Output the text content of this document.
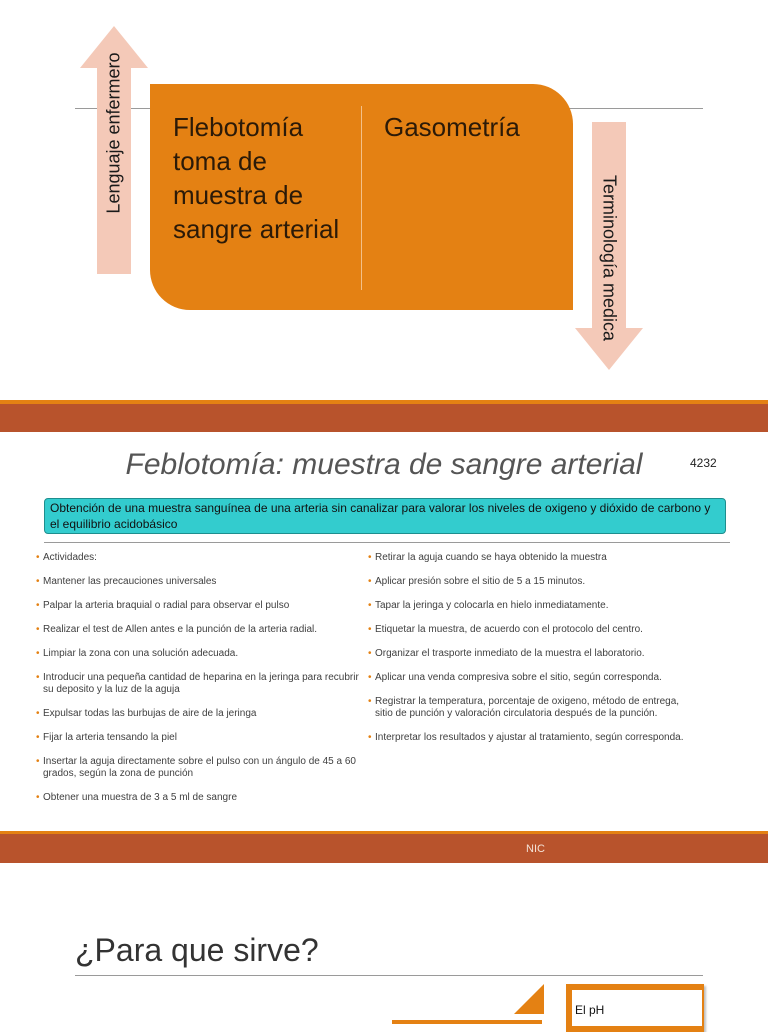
Lenguaje enfermero Flebotomía toma de muestra de sangre arterial
Gasometría
Terminología medica
Feblotomía: muestra de sangre arterial	4232
Obtención de una muestra sanguínea de una arteria sin canalizar para valorar los niveles de oxigeno y dióxido de carbono y el equilibrio acidobásico
• Actividades:
• Mantener las precauciones universales
• Palpar la arteria braquial o radial para observar el pulso
• Realizar el test de Allen antes e la punción de la arteria radial.
• Limpiar la zona con una solución adecuada.
• Introducir una pequeña cantidad de heparina en la jeringa para recubrir su deposito y la luz de la aguja
• Expulsar todas las burbujas de aire de la jeringa
• Fijar la arteria tensando la piel
• Insertar la aguja directamente sobre el pulso con un ángulo de 45 a 60 grados, según la zona de punción
• Obtener una muestra de 3 a 5 ml de sangre
• Retirar la aguja cuando se haya obtenido la muestra
• Aplicar presión sobre el sitio de 5 a 15 minutos.
• Tapar la jeringa y colocarla en hielo inmediatamente.
• Etiquetar la muestra, de acuerdo con el protocolo del centro.
• Organizar el trasporte inmediato de la muestra el laboratorio.
• Aplicar una venda compresiva sobre el sitio, según corresponda.
• Registrar la temperatura, porcentaje de oxigeno, método de entrega, sitio de punción y valoración circulatoria después de la punción.
• Interpretar los resultados y ajustar al tratamiento, según corresponda.
NIC
¿Para que sirve?
El pH
